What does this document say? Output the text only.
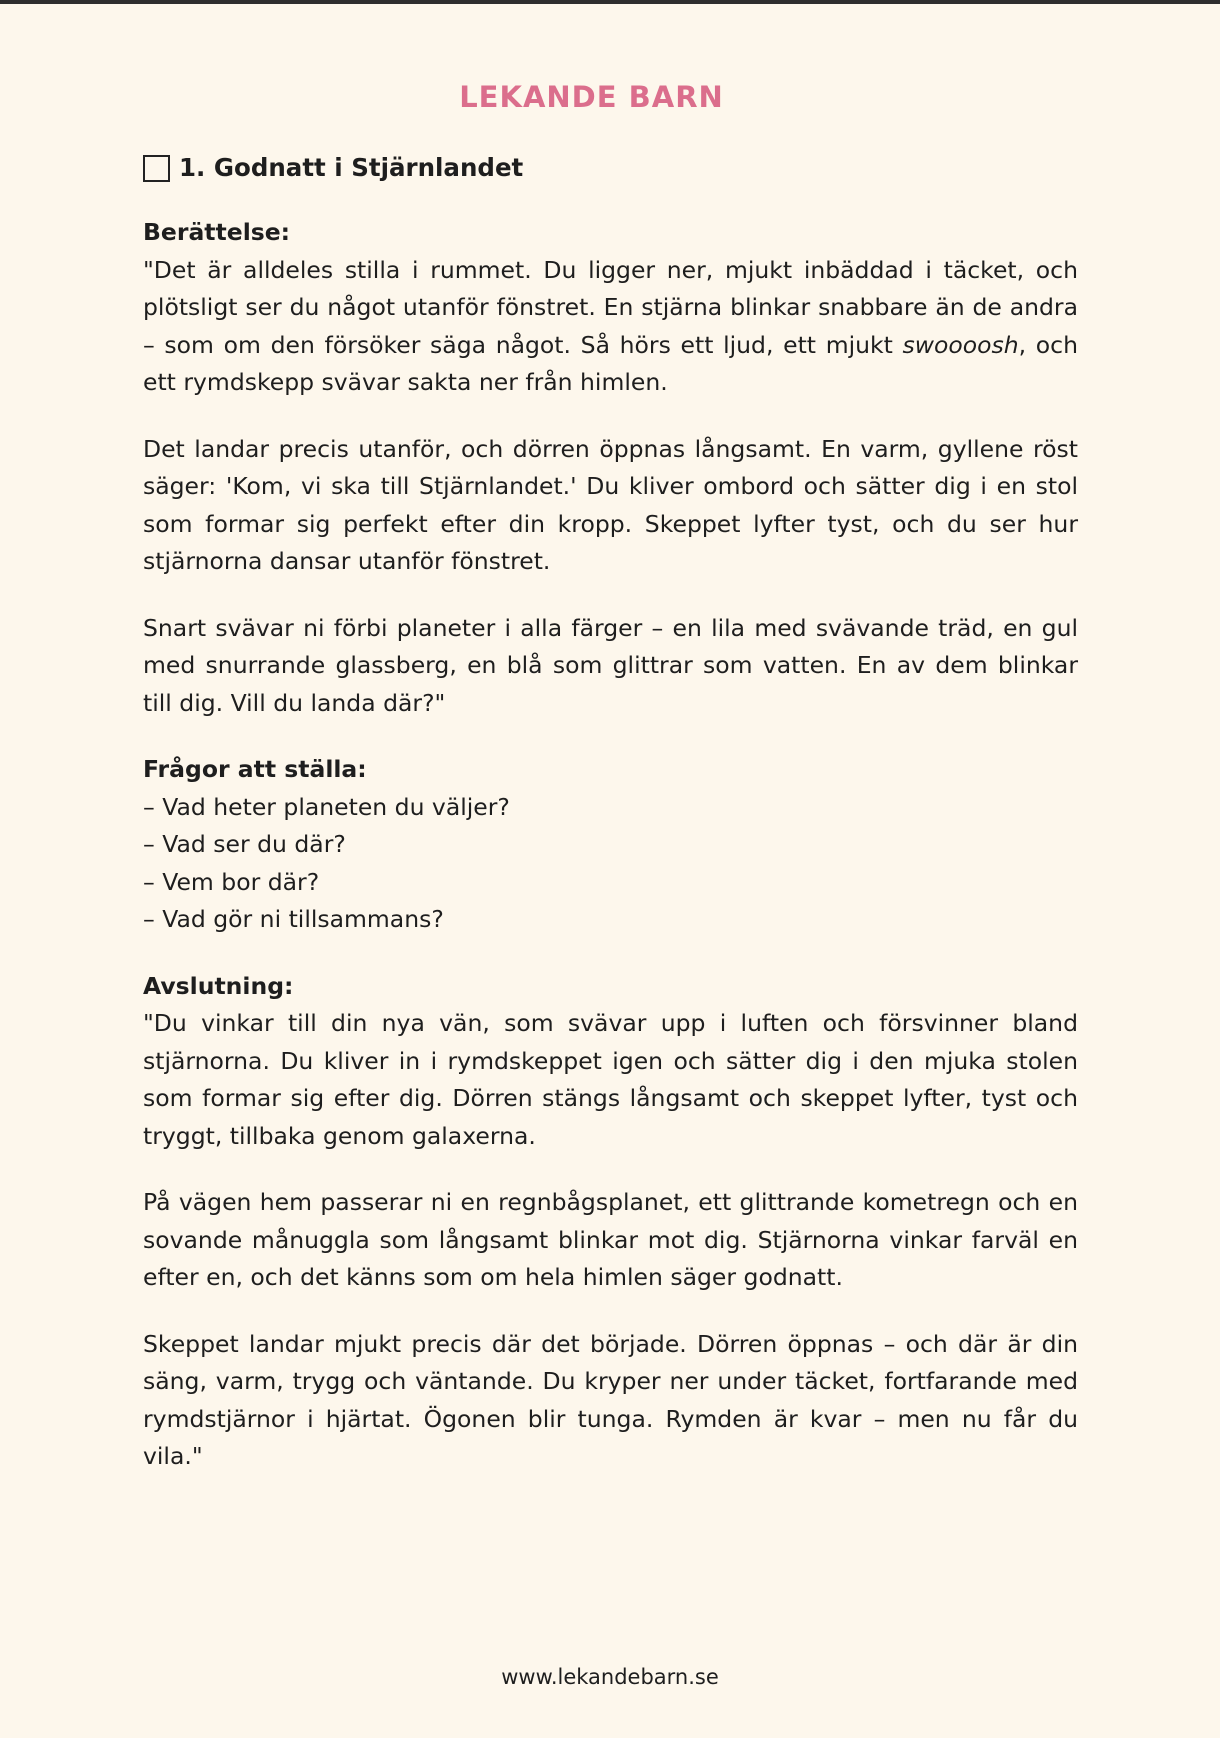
LEKANDE BARN
1. Godnatt i Stjärnlandet

Berättelse:

"Det är alldeles stilla i rummet. Du ligger ner, mjukt inbäddad i täcket, och plötsligt ser du något utanför fönstret. En stjärna blinkar snabbare än de andra – som om den försöker säga något. Så hörs ett ljud, ett mjukt swoooosh, och ett rymdskepp svävar sakta ner från himlen.

Det landar precis utanför, och dörren öppnas långsamt. En varm, gyllene röst säger: 'Kom, vi ska till Stjärnlandet.' Du kliver ombord och sätter dig i en stol som formar sig perfekt efter din kropp. Skeppet lyfter tyst, och du ser hur stjärnorna dansar utanför fönstret.

Snart svävar ni förbi planeter i alla färger – en lila med svävande träd, en gul med snurrande glassberg, en blå som glittrar som vatten. En av dem blinkar till dig. Vill du landa där?"

Frågor att ställa:

– Vad heter planeten du väljer?
– Vad ser du där?
– Vem bor där?
– Vad gör ni tillsammans?

Avslutning:

"Du vinkar till din nya vän, som svävar upp i luften och försvinner bland stjärnorna. Du kliver in i rymdskeppet igen och sätter dig i den mjuka stolen som formar sig efter dig. Dörren stängs långsamt och skeppet lyfter, tyst och tryggt, tillbaka genom galaxerna.

På vägen hem passerar ni en regnbågsplanet, ett glittrande kometregn och en sovande månuggla som långsamt blinkar mot dig. Stjärnorna vinkar farväl en efter en, och det känns som om hela himlen säger godnatt.

Skeppet landar mjukt precis där det började. Dörren öppnas – och där är din säng, varm, trygg och väntande. Du kryper ner under täcket, fortfarande med rymdstjärnor i hjärtat. Ögonen blir tunga. Rymden är kvar – men nu får du vila."

www.lekandebarn.se
